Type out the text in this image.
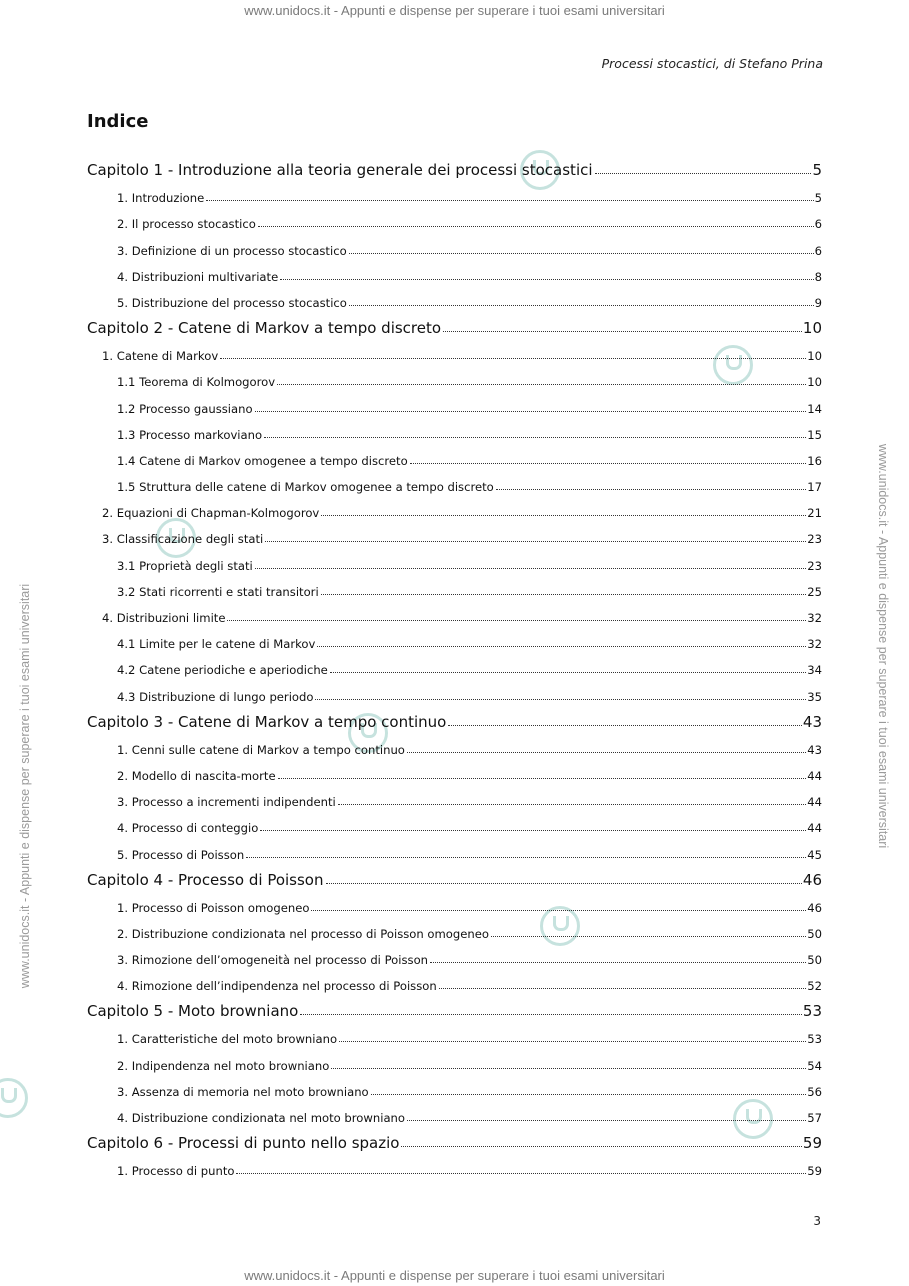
www.unidocs.it - Appunti e dispense per superare i tuoi esami universitari
www.unidocs.it - Appunti e dispense per superare i tuoi esami universitari
www.unidocs.it - Appunti e dispense per superare i tuoi esami universitari	www.unidocs.it - Appunti e dispense per superare i tuoi esami universitari
Processi stocastici, di Stefano Prina
Indice
Capitolo 1 - Introduzione alla teoria generale dei processi stocastici	5
1. Introduzione	5
2. Il processo stocastico	6
3. Definizione di un processo stocastico	6
4. Distribuzioni multivariate	8
5. Distribuzione del processo stocastico	9
Capitolo 2 - Catene di Markov a tempo discreto	10
1. Catene di Markov	10
1.1 Teorema di Kolmogorov	10
1.2 Processo gaussiano	14
1.3 Processo markoviano	15
1.4 Catene di Markov omogenee a tempo discreto	16
1.5 Struttura delle catene di Markov omogenee a tempo discreto	17
2. Equazioni di Chapman-Kolmogorov	21
3. Classificazione degli stati	23
3.1 Proprietà degli stati	23
3.2 Stati ricorrenti e stati transitori	25
4. Distribuzioni limite	32
4.1 Limite per le catene di Markov	32
4.2 Catene periodiche e aperiodiche	34
4.3 Distribuzione di lungo periodo	35
Capitolo 3 - Catene di Markov a tempo continuo	43
1. Cenni sulle catene di Markov a tempo continuo	43
2. Modello di nascita-morte	44
3. Processo a incrementi indipendenti	44
4. Processo di conteggio	44
5. Processo di Poisson	45
Capitolo 4 - Processo di Poisson	46
1. Processo di Poisson omogeneo	46
2. Distribuzione condizionata nel processo di Poisson omogeneo	50
3. Rimozione dell’omogeneità nel processo di Poisson	50
4. Rimozione dell’indipendenza nel processo di Poisson	52
Capitolo 5 - Moto browniano	53
1. Caratteristiche del moto browniano	53
2. Indipendenza nel moto browniano	54
3. Assenza di memoria nel moto browniano	56
4. Distribuzione condizionata nel moto browniano	57
Capitolo 6 - Processi di punto nello spazio	59
1. Processo di punto	59
3
